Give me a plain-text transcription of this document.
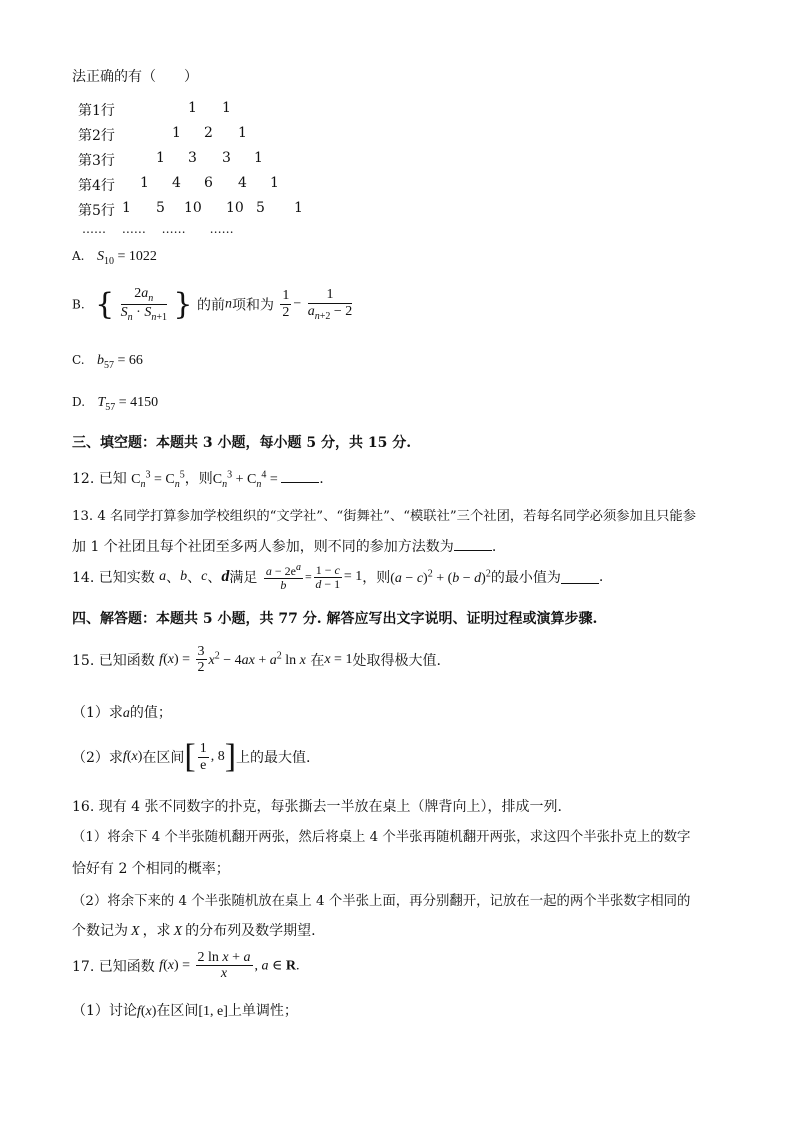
法正确的有（　　）
第1行	1 1
第2行	1 2 1
第3行	1 3 3 1
第4行 1 4 6 4 1
第5行 1 5 10 10 5 1
……　 ……　 ……　　……
A. $S_{10} = 1022$
B. { $\frac{2a_n}{S_n \cdot S_{n+1}}$ } 的前n项和为 $\frac{1}{2} - \frac{1}{a_{n+2} - 2}$
C. $b_{57} = 66$
D. $T_{57} = 4150$
三、填空题：本题共 3 小题，每小题 5 分，共 15 分.
12. 已知 $C_n^3 = C_n^5$，则$C_n^3 + C_n^4$ =	.
13. 4 名同学打算参加学校组织的“文学社”、“街舞社”、“模联社”三个社团，若每名同学必须参加且只能参
加 1 个社团且每个社团至多两人参加，则不同的参加方法数为	.
14. 已知实数 a、b、c、d满足 $\frac{a - 2e^a}{b} = \frac{1 - c}{d - 1} = 1$，则$(a - c)^2 + (b - d)^2$的最小值为	.
四、解答题：本题共 5 小题，共 77 分. 解答应写出文字说明、证明过程或演算步骤.
15. 已知函数 $f(x) = \frac{3}{2} x^2 - 4ax + a^2$ ln x 在x = 1处取得极大值.
（1）求a的值；
（2）求f(x)在区间[ $\frac{1}{e}$ , 8]上的最大值.
16. 现有 4 张不同数字的扑克，每张撕去一半放在桌上（牌背向上），排成一列.
（1）将余下 4 个半张随机翻开两张，然后将桌上 4 个半张再随机翻开两张，求这四个半张扑克上的数字
恰好有 2 个相同的概率；
（2）将余下来的 4 个半张随机放在桌上 4 个半张上面，再分别翻开，记放在一起的两个半张数字相同的
个数记为 X ，求 X 的分布列及数学期望.
17. 已知函数 $f(x) = \frac{\text{2 ln x + a}}{x}$ , a ∈ R.
（1）讨论f(x)在区间[1, e]上单调性；
